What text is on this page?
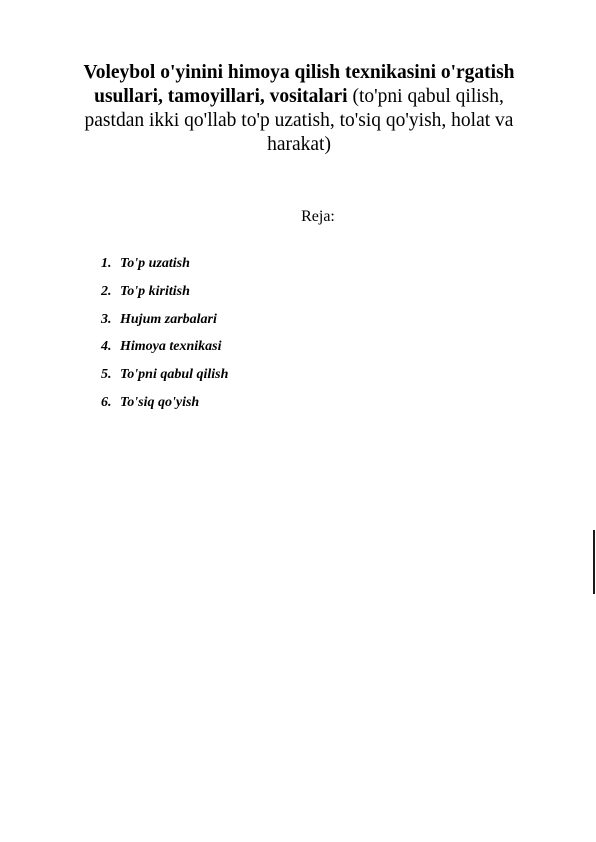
Voleybol o'yinini himoya qilish texnikasini o'rgatish usullari, tamoyillari, vositalari (to'pni qabul qilish, pastdan ikki qo'llab to'p uzatish, to'siq qo'yish, holat va harakat)
Reja:
1. To'p uzatish
2. To'p kiritish
3. Hujum zarbalari
4. Himoya texnikasi
5. To'pni qabul qilish
6. To'siq qo'yish
